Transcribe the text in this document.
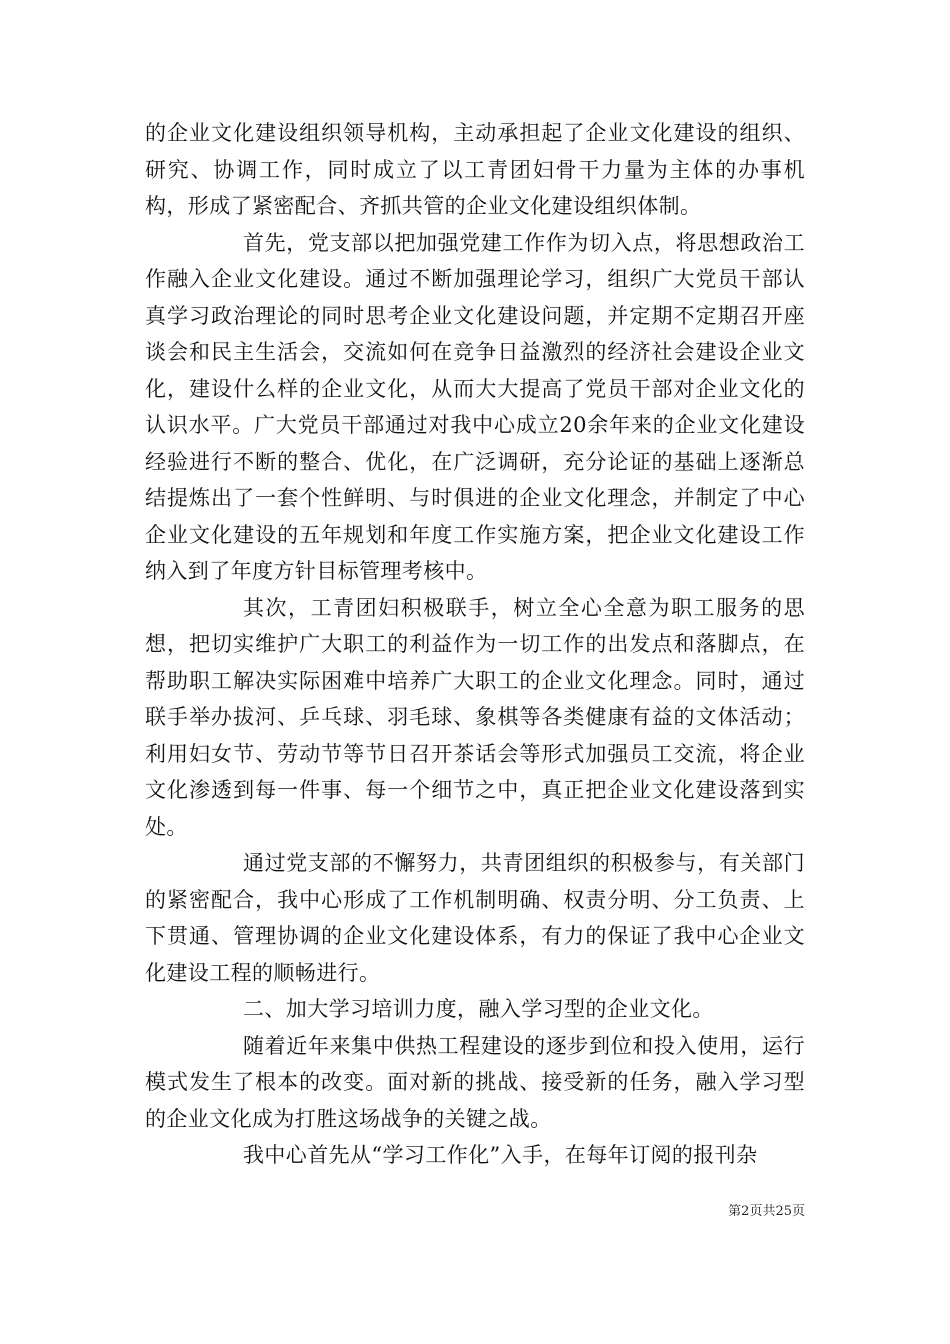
的企业文化建设组织领导机构，主动承担起了企业文化建设的组织、研究、协调工作，同时成立了以工青团妇骨干力量为主体的办事机构，形成了紧密配合、齐抓共管的企业文化建设组织体制。

首先，党支部以把加强党建工作作为切入点，将思想政治工作融入企业文化建设。通过不断加强理论学习，组织广大党员干部认真学习政治理论的同时思考企业文化建设问题，并定期不定期召开座谈会和民主生活会，交流如何在竞争日益激烈的经济社会建设企业文化，建设什么样的企业文化，从而大大提高了党员干部对企业文化的认识水平。广大党员干部通过对我中心成立20余年来的企业文化建设经验进行不断的整合、优化，在广泛调研，充分论证的基础上逐渐总结提炼出了一套个性鲜明、与时俱进的企业文化理念，并制定了中心企业文化建设的五年规划和年度工作实施方案，把企业文化建设工作纳入到了年度方针目标管理考核中。

其次，工青团妇积极联手，树立全心全意为职工服务的思想，把切实维护广大职工的利益作为一切工作的出发点和落脚点，在帮助职工解决实际困难中培养广大职工的企业文化理念。同时，通过联手举办拔河、乒乓球、羽毛球、象棋等各类健康有益的文体活动；利用妇女节、劳动节等节日召开茶话会等形式加强员工交流，将企业文化渗透到每一件事、每一个细节之中，真正把企业文化建设落到实处。

通过党支部的不懈努力，共青团组织的积极参与，有关部门的紧密配合，我中心形成了工作机制明确、权责分明、分工负责、上下贯通、管理协调的企业文化建设体系，有力的保证了我中心企业文化建设工程的顺畅进行。

二、加大学习培训力度，融入学习型的企业文化。

随着近年来集中供热工程建设的逐步到位和投入使用，运行模式发生了根本的改变。面对新的挑战、接受新的任务，融入学习型的企业文化成为打胜这场战争的关键之战。

我中心首先从“学习工作化”入手，在每年订阅的报刊杂

第2页共25页
